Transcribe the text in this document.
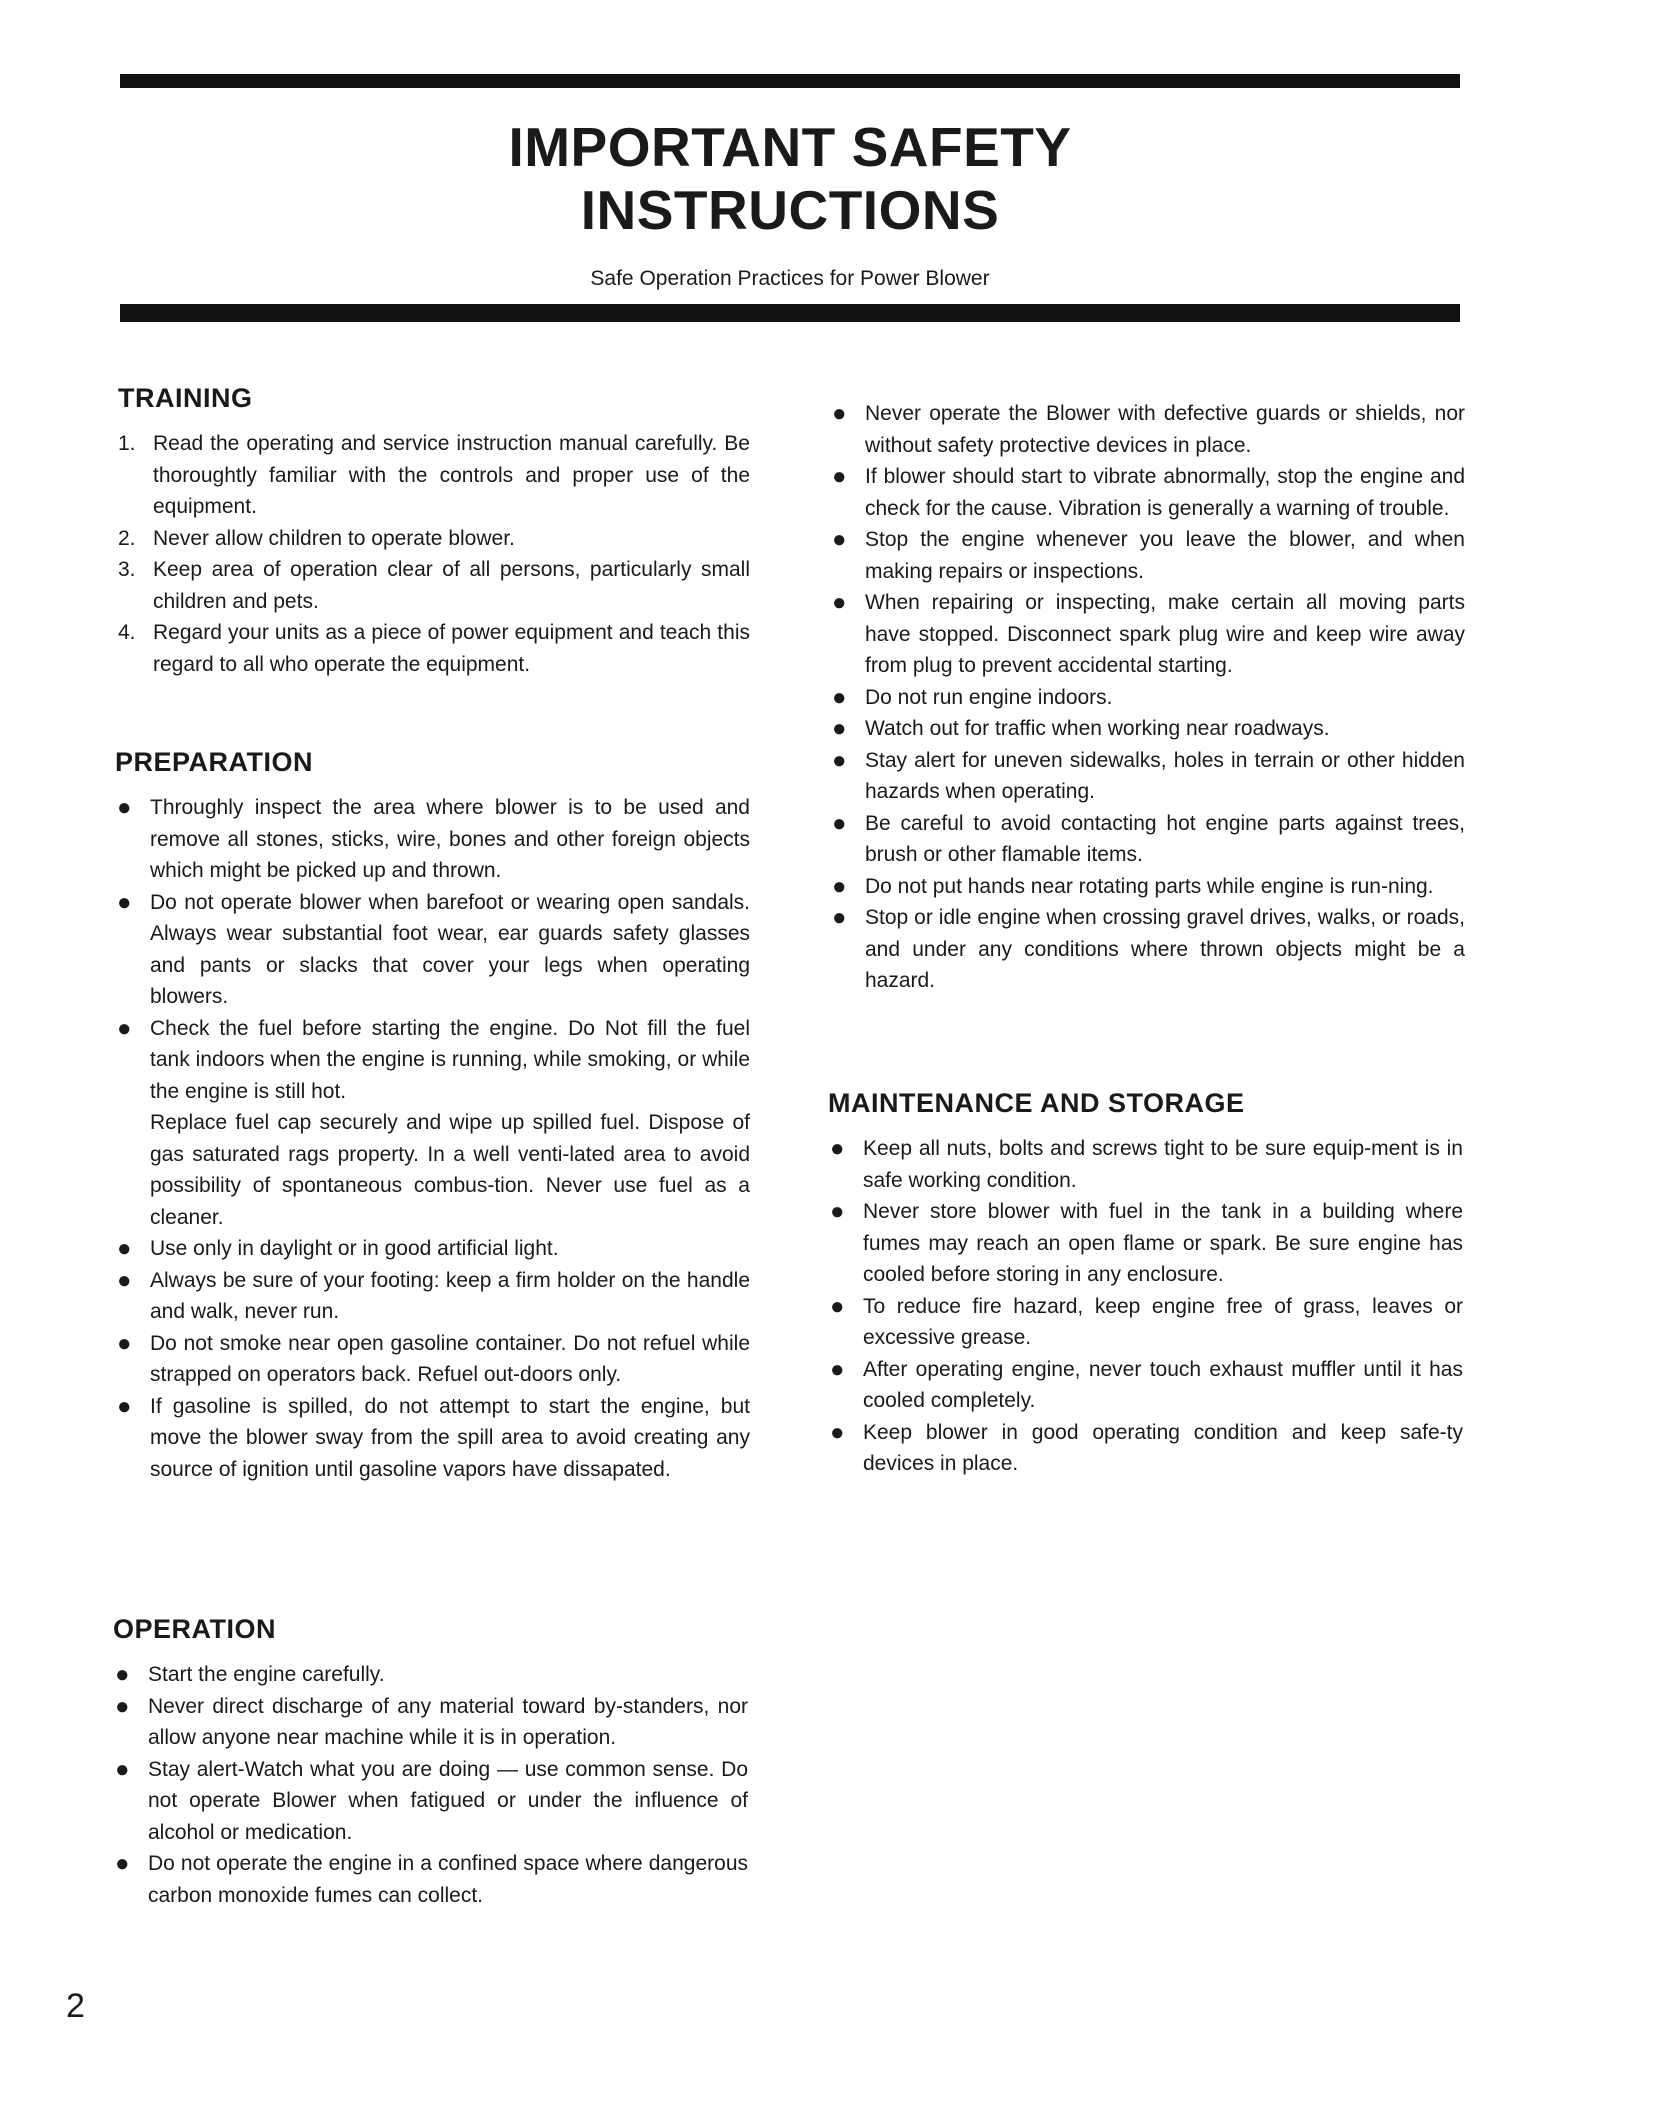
IMPORTANT SAFETY
INSTRUCTIONS
Safe Operation Practices for Power Blower
TRAINING
1. Read the operating and service instruction manual carefully. Be thoroughtly familiar with the controls and proper use of the equipment.
2. Never allow children to operate blower.
3. Keep area of operation clear of all persons, particularly small children and pets.
4. Regard your units as a piece of power equipment and teach this regard to all who operate the equipment.
PREPARATION
● Throughly inspect the area where blower is to be used and remove all stones, sticks, wire, bones and other foreign objects which might be picked up and thrown.
● Do not operate blower when barefoot or wearing open sandals. Always wear substantial foot wear, ear guards safety glasses and pants or slacks that cover your legs when operating blowers.
● Check the fuel before starting the engine. Do Not fill the fuel tank indoors when the engine is running, while smoking, or while the engine is still hot.
Replace fuel cap securely and wipe up spilled fuel. Dispose of gas saturated rags property. In a well venti-lated area to avoid possibility of spontaneous combus-tion. Never use fuel as a cleaner.
● Use only in daylight or in good artificial light.
● Always be sure of your footing: keep a firm holder on the handle and walk, never run.
● Do not smoke near open gasoline container. Do not refuel while strapped on operators back. Refuel out-doors only.
● If gasoline is spilled, do not attempt to start the engine, but move the blower sway from the spill area to avoid creating any source of ignition until gasoline vapors have dissapated.
OPERATION
● Start the engine carefully.
● Never direct discharge of any material toward by-standers, nor allow anyone near machine while it is in operation.
● Stay alert-Watch what you are doing — use common sense. Do not operate Blower when fatigued or under the influence of alcohol or medication.
● Do not operate the engine in a confined space where dangerous carbon monoxide fumes can collect.
● Never operate the Blower with defective guards or shields, nor without safety protective devices in place.
● If blower should start to vibrate abnormally, stop the engine and check for the cause. Vibration is generally a warning of trouble.
● Stop the engine whenever you leave the blower, and when making repairs or inspections.
● When repairing or inspecting, make certain all moving parts have stopped. Disconnect spark plug wire and keep wire away from plug to prevent accidental starting.
● Do not run engine indoors.
● Watch out for traffic when working near roadways.
● Stay alert for uneven sidewalks, holes in terrain or other hidden hazards when operating.
● Be careful to avoid contacting hot engine parts against trees, brush or other flamable items.
● Do not put hands near rotating parts while engine is run-ning.
● Stop or idle engine when crossing gravel drives, walks, or roads, and under any conditions where thrown objects might be a hazard.
MAINTENANCE AND STORAGE
● Keep all nuts, bolts and screws tight to be sure equip-ment is in safe working condition.
● Never store blower with fuel in the tank in a building where fumes may reach an open flame or spark. Be sure engine has cooled before storing in any enclosure.
● To reduce fire hazard, keep engine free of grass, leaves or excessive grease.
● After operating engine, never touch exhaust muffler until it has cooled completely.
● Keep blower in good operating condition and keep safe-ty devices in place.
2
